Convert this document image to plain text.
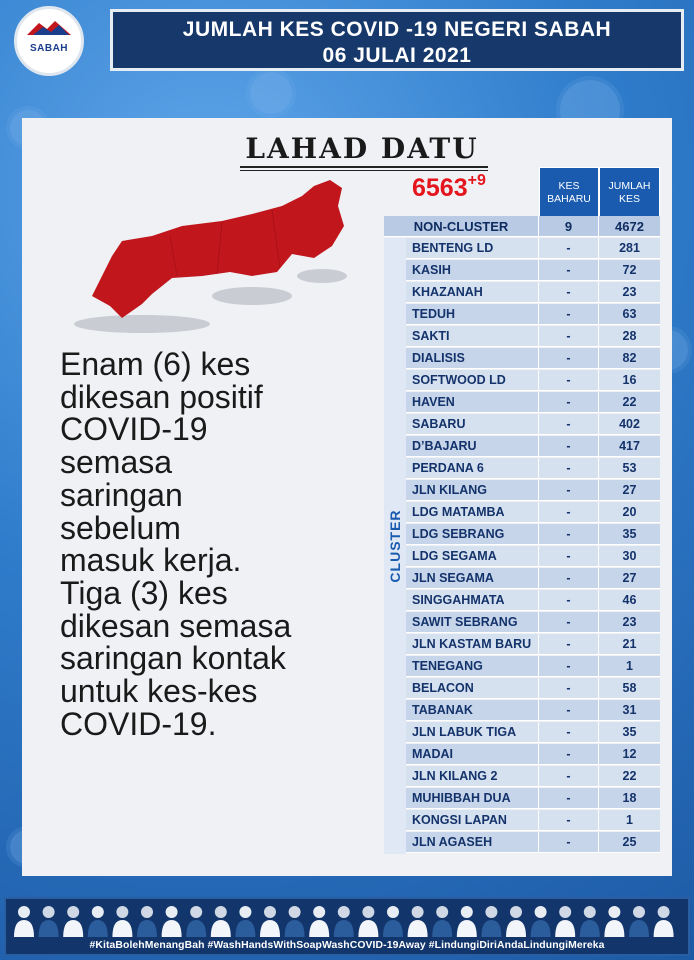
SABAH
JUMLAH KES COVID -19 NEGERI SABAH
06 JULAI 2021
LAHAD DATU
$6563^{+9}$
Enam (6) kes
dikesan positif
COVID-19
semasa
saringan
sebelum
masuk kerja.
Tiga (3) kes
dikesan semasa
saringan kontak
untuk kes-kes
COVID-19.
KES BAHARU
JUMLAH KES
NON-CLUSTER	9	4672
BENTENG LD	-	281
KASIH	-	72
KHAZANAH	-	23
TEDUH	-	63
SAKTI	-	28
DIALISIS	-	82
SOFTWOOD LD	-	16
HAVEN	-	22
SABARU	-	402
D’BAJARU	-	417
PERDANA 6	-	53
JLN KILANG	-	27
LDG MATAMBA	-	20
LDG SEBRANG	-	35
LDG SEGAMA	-	30
JLN SEGAMA	-	27
SINGGAHMATA	-	46
SAWIT SEBRANG	-	23
JLN KASTAM BARU	-	21
TENEGANG	-	1
BELACON	-	58
TABANAK	-	31
JLN LABUK TIGA	-	35
MADAI	-	12
JLN KILANG 2	-	22
MUHIBBAH DUA	-	18
KONGSI LAPAN	-	1
JLN AGASEH	-	25
CLUSTER
#KitaBolehMenangBah #WashHandsWithSoapWashCOVID-19Away #LindungiDiriAndaLindungiMereka
